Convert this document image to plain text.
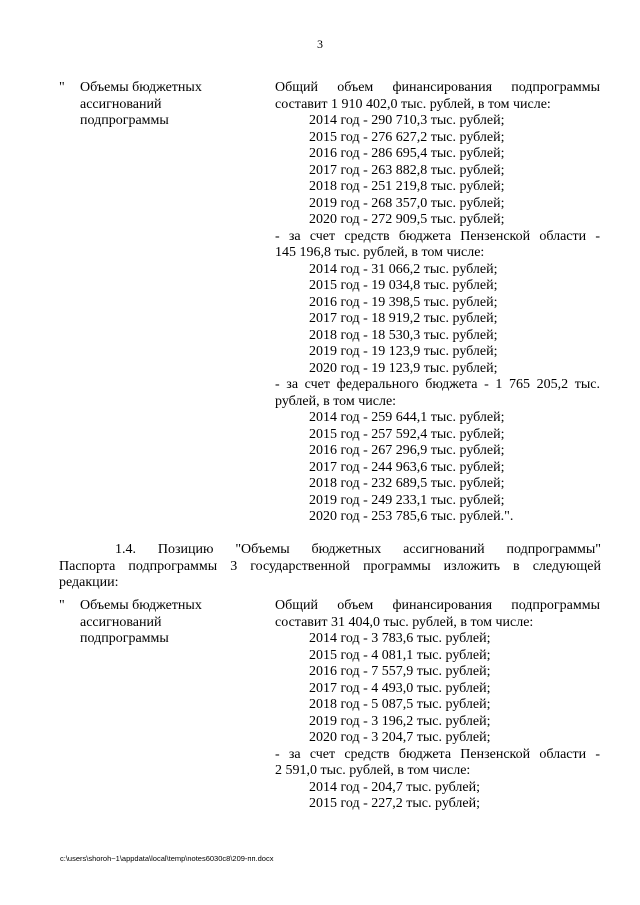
3
" Объемы бюджетных
ассигнований
подпрограммы
Общий объем финансирования подпрограммы
составит 1 910 402,0 тыс. рублей, в том числе:
2014 год - 290 710,3 тыс. рублей;
2015 год - 276 627,2 тыс. рублей;
2016 год - 286 695,4 тыс. рублей;
2017 год - 263 882,8 тыс. рублей;
2018 год - 251 219,8 тыс. рублей;
2019 год - 268 357,0 тыс. рублей;
2020 год - 272 909,5 тыс. рублей;
- за счет средств бюджета Пензенской области -
145 196,8 тыс. рублей, в том числе:
2014 год - 31 066,2 тыс. рублей;
2015 год - 19 034,8 тыс. рублей;
2016 год - 19 398,5 тыс. рублей;
2017 год - 18 919,2 тыс. рублей;
2018 год - 18 530,3 тыс. рублей;
2019 год - 19 123,9 тыс. рублей;
2020 год - 19 123,9 тыс. рублей;
- за счет федерального бюджета - 1 765 205,2 тыс.
рублей, в том числе:
2014 год - 259 644,1 тыс. рублей;
2015 год - 257 592,4 тыс. рублей;
2016 год - 267 296,9 тыс. рублей;
2017 год - 244 963,6 тыс. рублей;
2018 год - 232 689,5 тыс. рублей;
2019 год - 249 233,1 тыс. рублей;
2020 год - 253 785,6 тыс. рублей.".
1.4. Позицию "Объемы бюджетных ассигнований подпрограммы"
Паспорта подпрограммы 3 государственной программы изложить в следующей
редакции:
" Объемы бюджетных
ассигнований
подпрограммы
Общий объем финансирования подпрограммы
составит 31 404,0 тыс. рублей, в том числе:
2014 год - 3 783,6 тыс. рублей;
2015 год - 4 081,1 тыс. рублей;
2016 год - 7 557,9 тыс. рублей;
2017 год - 4 493,0 тыс. рублей;
2018 год - 5 087,5 тыс. рублей;
2019 год - 3 196,2 тыс. рублей;
2020 год - 3 204,7 тыс. рублей;
- за счет средств бюджета Пензенской области -
2 591,0 тыс. рублей, в том числе:
2014 год - 204,7 тыс. рублей;
2015 год - 227,2 тыс. рублей;
c:\users\shoroh~1\appdata\local\temp\notes6030c8\209-пп.docx
